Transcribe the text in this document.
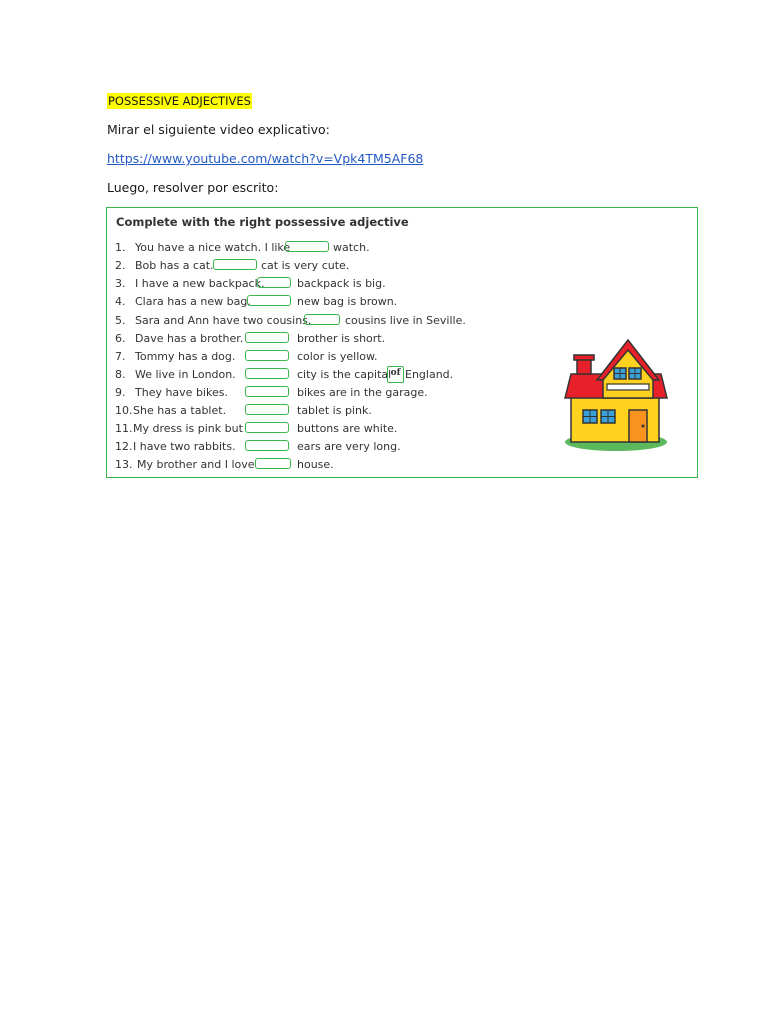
POSSESSIVE ADJECTIVES
Mirar el siguiente video explicativo:
https://www.youtube.com/watch?v=Vpk4TM5AF68
Luego, resolver por escrito:
Complete with the right possessive adjective
1. You have a nice watch. I like	watch.
2. Bob has a cat.	cat is very cute.
3. I have a new backpack.	backpack is big.
4. Clara has a new bag.	new bag is brown.
5. Sara and Ann have two cousins.	cousins live in Seville.
6. Dave has a brother.	brother is short.
7. Tommy has a dog.	color is yellow.
8. We live in London.	city is the capital of England.
9. They have bikes.	bikes are in the garage.
10. She has a tablet.	tablet is pink.
11. My dress is pink but	buttons are white.
12. I have two rabbits.	ears are very long.
13. My brother and I love	house.
